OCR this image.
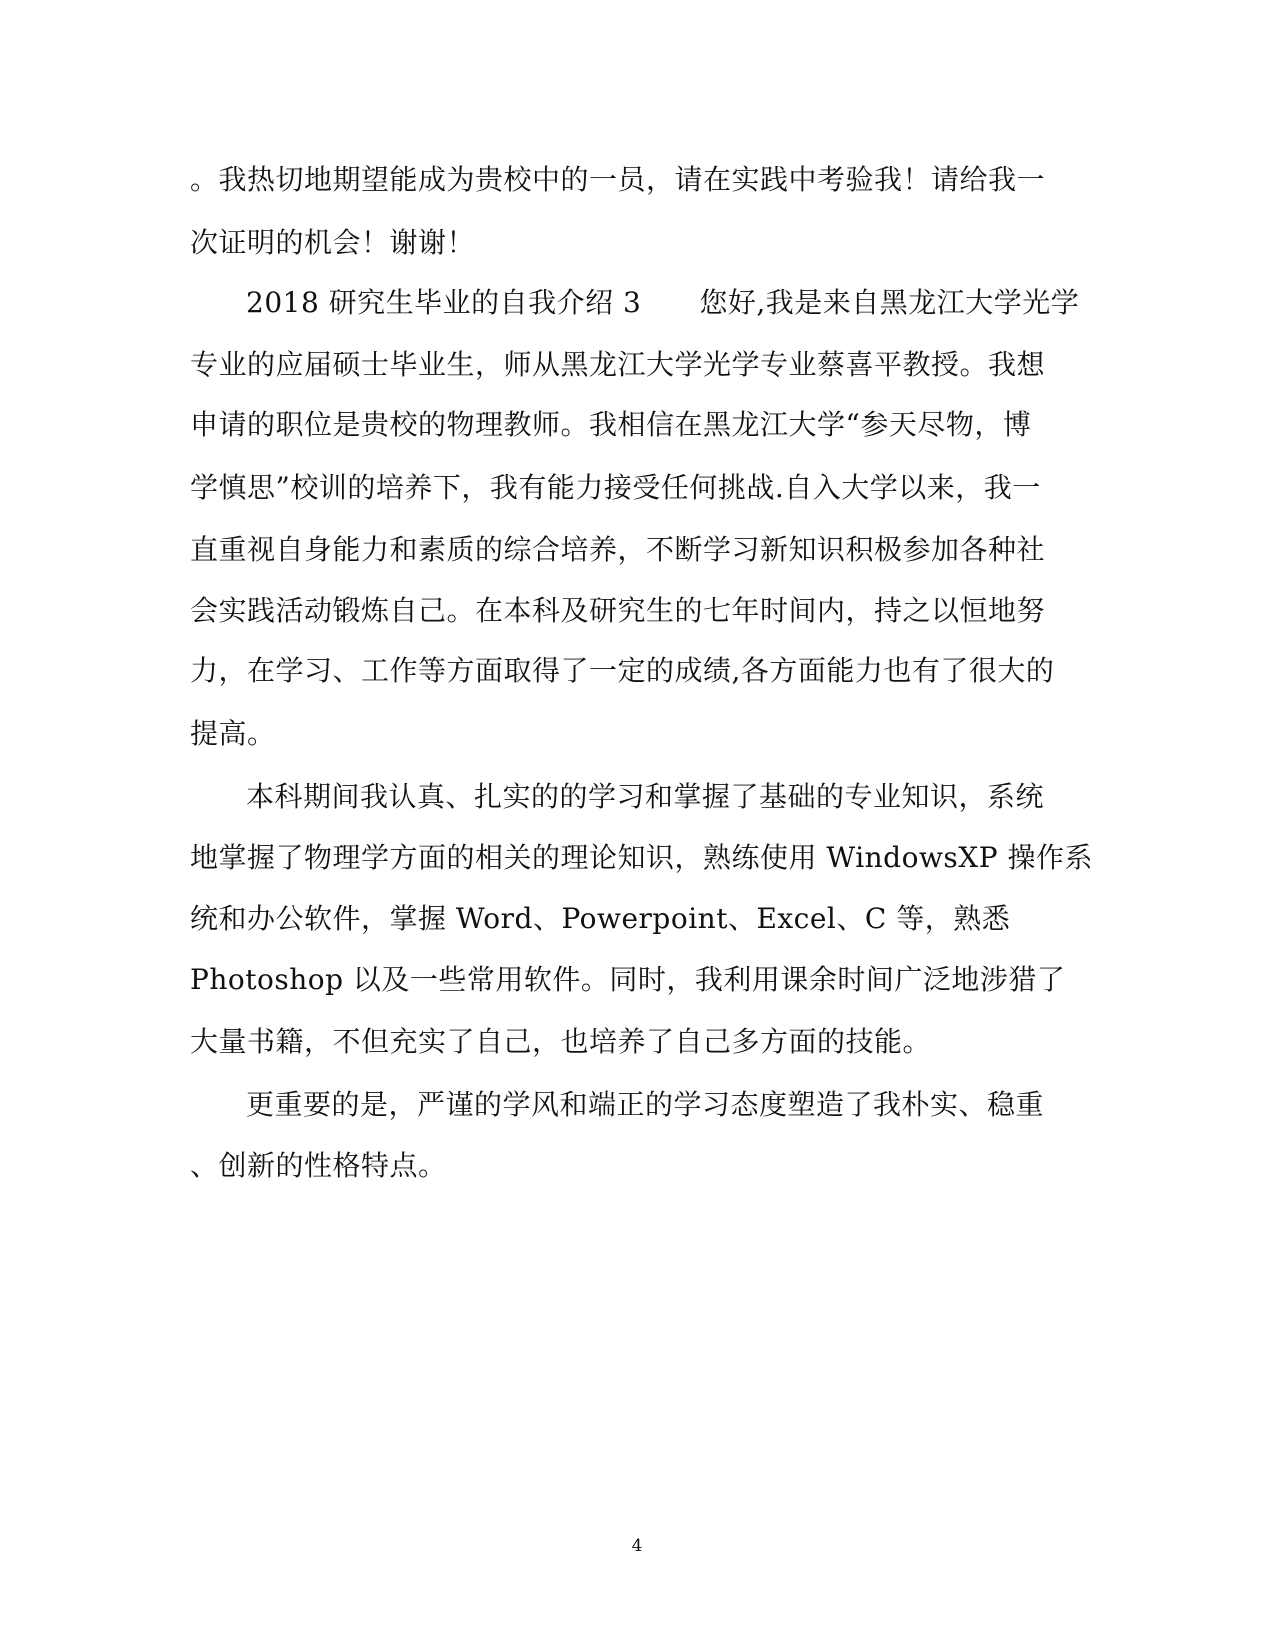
。我热切地期望能成为贵校中的一员，请在实践中考验我！请给我一
次证明的机会！谢谢！
2018 研究生毕业的自我介绍 3 您好,我是来自黑龙江大学光学
专业的应届硕士毕业生，师从黑龙江大学光学专业蔡喜平教授。我想
申请的职位是贵校的物理教师。我相信在黑龙江大学“参天尽物，博
学慎思”校训的培养下，我有能力接受任何挑战.自入大学以来，我一
直重视自身能力和素质的综合培养，不断学习新知识积极参加各种社
会实践活动锻炼自己。在本科及研究生的七年时间内，持之以恒地努
力，在学习、工作等方面取得了一定的成绩,各方面能力也有了很大的
提高。
本科期间我认真、扎实的的学习和掌握了基础的专业知识，系统
地掌握了物理学方面的相关的理论知识，熟练使用 WindowsXP 操作系
统和办公软件，掌握 Word、Powerpoint、Excel、C 等，熟悉
Photoshop 以及一些常用软件。同时，我利用课余时间广泛地涉猎了
大量书籍，不但充实了自己，也培养了自己多方面的技能。
更重要的是，严谨的学风和端正的学习态度塑造了我朴实、稳重
、创新的性格特点。
4
